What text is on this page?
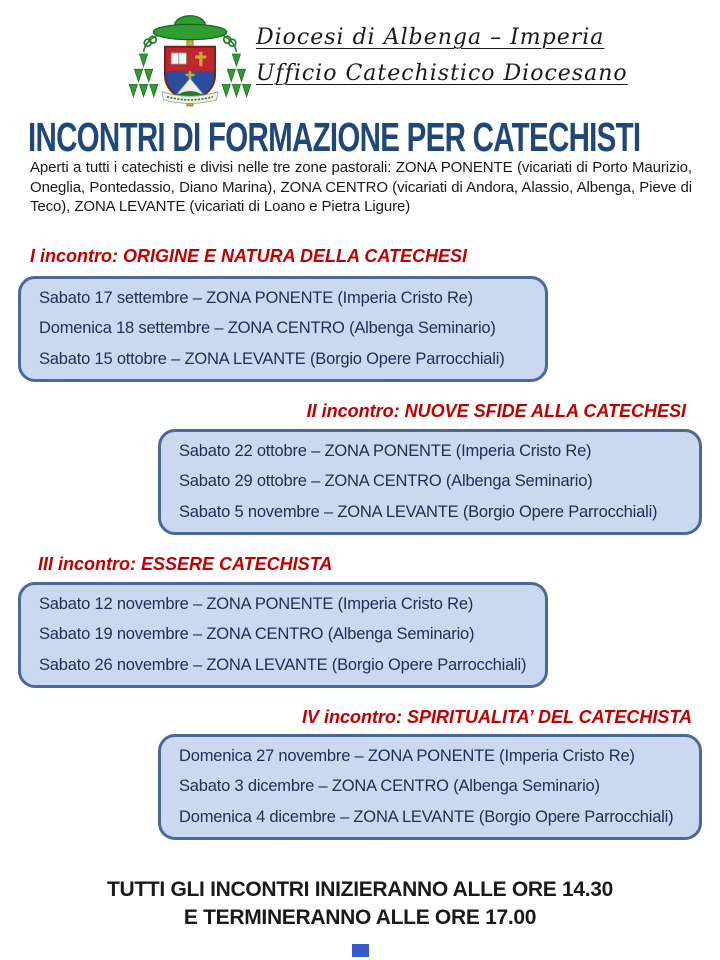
Diocesi di Albenga – Imperia
Ufficio Catechistico Diocesano
INCONTRI DI FORMAZIONE PER CATECHISTI
Aperti a tutti i catechisti e divisi nelle tre zone pastorali: ZONA PONENTE (vicariati di Porto Maurizio, Oneglia, Pontedassio, Diano Marina), ZONA CENTRO (vicariati di Andora, Alassio, Albenga, Pieve di Teco), ZONA LEVANTE (vicariati di Loano e Pietra Ligure)
I incontro: ORIGINE E NATURA DELLA CATECHESI
Sabato 17 settembre – ZONA PONENTE (Imperia Cristo Re)
Domenica 18 settembre – ZONA CENTRO (Albenga Seminario)
Sabato 15 ottobre – ZONA LEVANTE (Borgio Opere Parrocchiali)
II incontro: NUOVE SFIDE ALLA CATECHESI
Sabato 22 ottobre – ZONA PONENTE (Imperia Cristo Re)
Sabato 29 ottobre – ZONA CENTRO (Albenga Seminario)
Sabato 5 novembre – ZONA LEVANTE (Borgio Opere Parrocchiali)
III incontro: ESSERE CATECHISTA
Sabato 12 novembre – ZONA PONENTE (Imperia Cristo Re)
Sabato 19 novembre – ZONA CENTRO (Albenga Seminario)
Sabato 26 novembre – ZONA LEVANTE (Borgio Opere Parrocchiali)
IV incontro: SPIRITUALITA’ DEL CATECHISTA
Domenica 27 novembre – ZONA PONENTE (Imperia Cristo Re)
Sabato 3 dicembre – ZONA CENTRO (Albenga Seminario)
Domenica 4 dicembre – ZONA LEVANTE (Borgio Opere Parrocchiali)
TUTTI GLI INCONTRI INIZIERANNO ALLE ORE 14.30
E TERMINERANNO ALLE ORE 17.00
